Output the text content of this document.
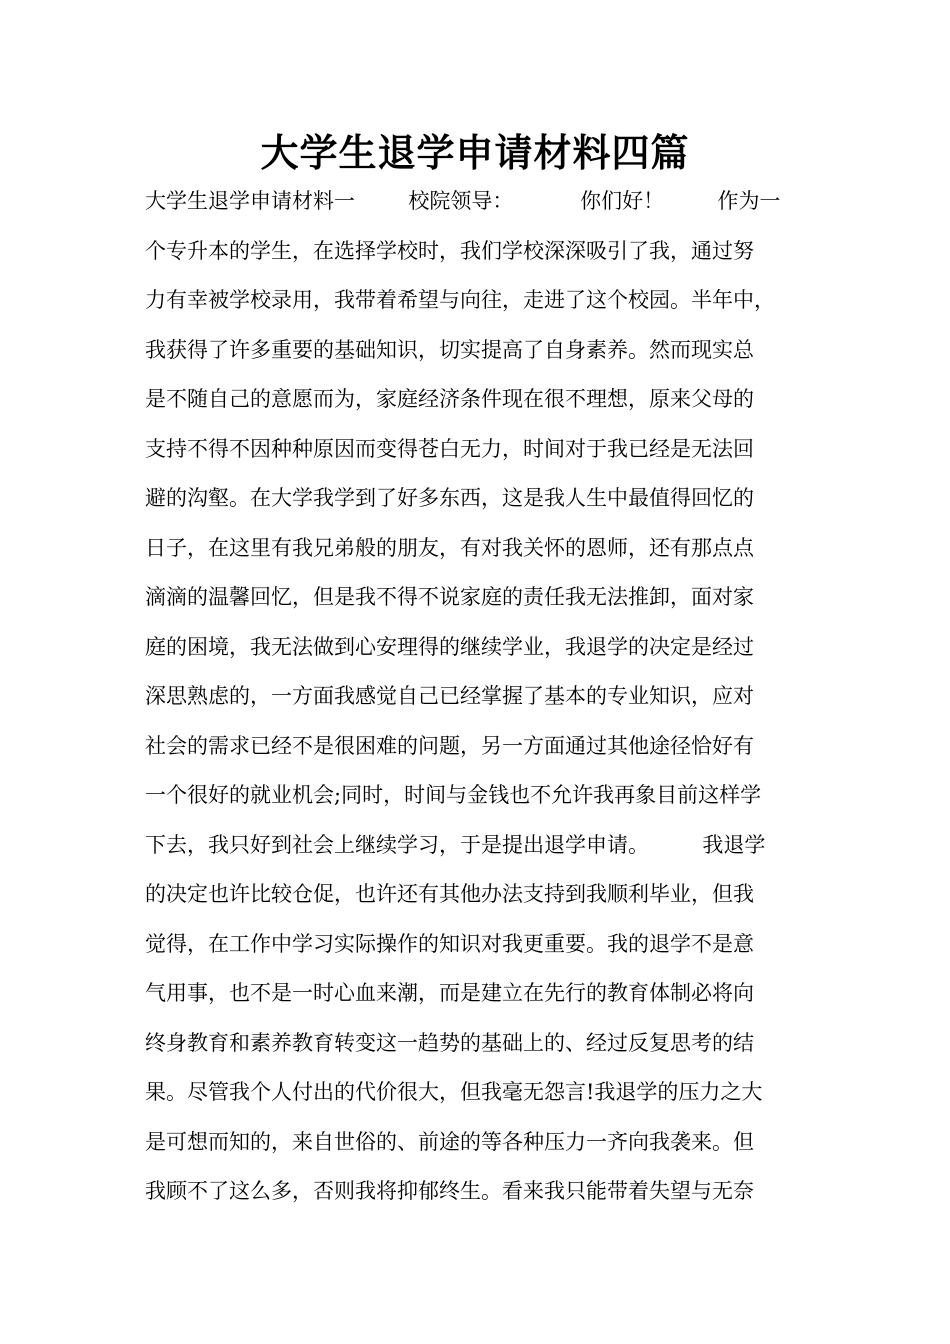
大学生退学申请材料四篇
大学生退学申请材料一        校院领导：          你们好！        作为一
个专升本的学生，在选择学校时，我们学校深深吸引了我，通过努
力有幸被学校录用，我带着希望与向往，走进了这个校园。半年中，
我获得了许多重要的基础知识，切实提高了自身素养。然而现实总
是不随自己的意愿而为，家庭经济条件现在很不理想，原来父母的
支持不得不因种种原因而变得苍白无力，时间对于我已经是无法回
避的沟壑。在大学我学到了好多东西，这是我人生中最值得回忆的
日子，在这里有我兄弟般的朋友，有对我关怀的恩师，还有那点点
滴滴的温馨回忆，但是我不得不说家庭的责任我无法推卸，面对家
庭的困境，我无法做到心安理得的继续学业，我退学的决定是经过
深思熟虑的，一方面我感觉自己已经掌握了基本的专业知识，应对
社会的需求已经不是很困难的问题，另一方面通过其他途径恰好有
一个很好的就业机会;同时，时间与金钱也不允许我再象目前这样学
下去，我只好到社会上继续学习，于是提出退学申请。        我退学
的决定也许比较仓促，也许还有其他办法支持到我顺利毕业，但我
觉得，在工作中学习实际操作的知识对我更重要。我的退学不是意
气用事，也不是一时心血来潮，而是建立在先行的教育体制必将向
终身教育和素养教育转变这一趋势的基础上的、经过反复思考的结
果。尽管我个人付出的代价很大，但我毫无怨言!我退学的压力之大
是可想而知的，来自世俗的、前途的等各种压力一齐向我袭来。但
我顾不了这么多，否则我将抑郁终生。看来我只能带着失望与无奈
